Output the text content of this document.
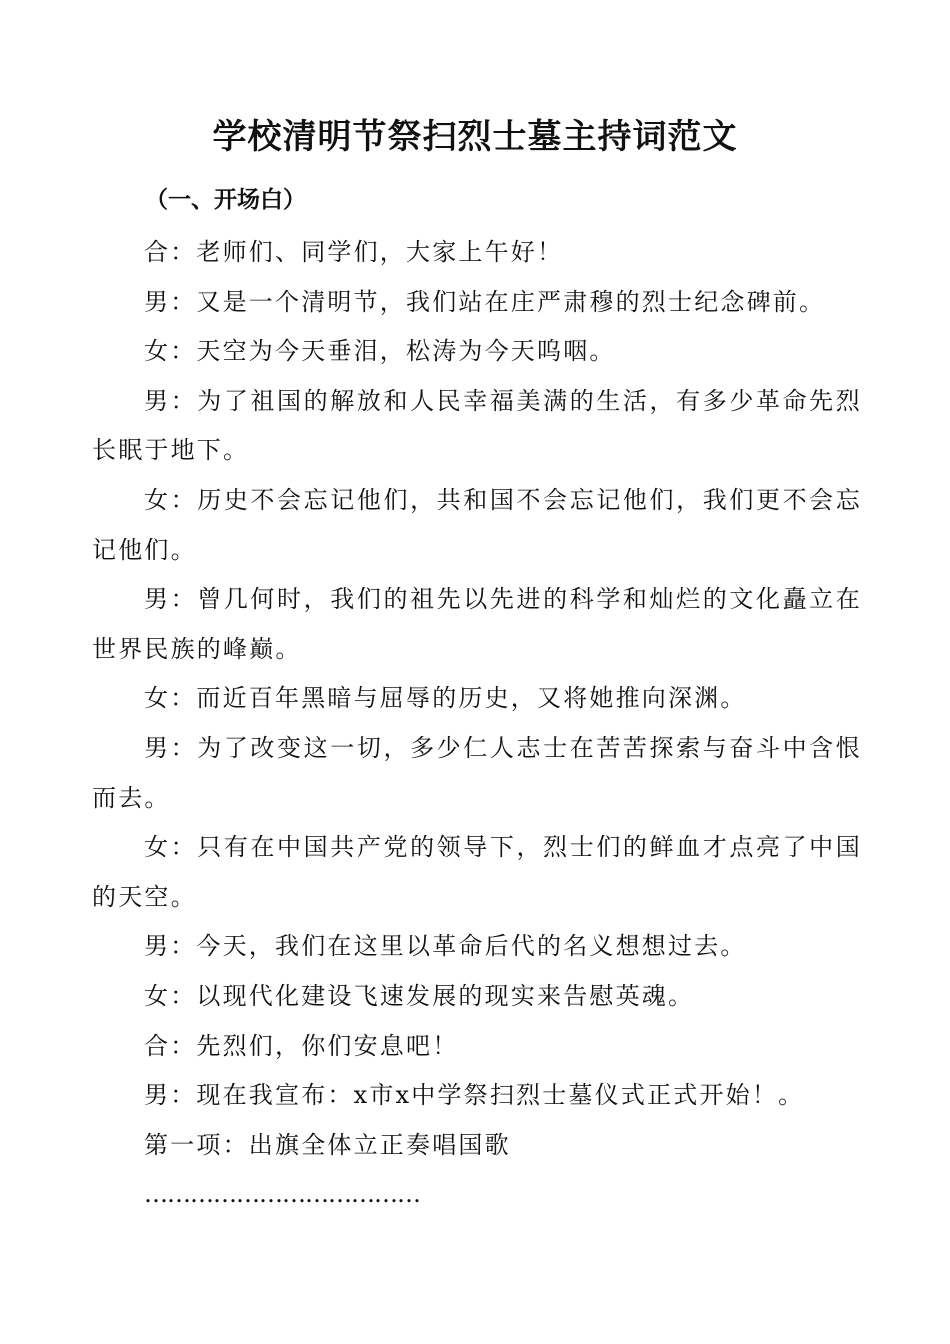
学校清明节祭扫烈士墓主持词范文
（一、开场白）

合：老师们、同学们，大家上午好！

男：又是一个清明节，我们站在庄严肃穆的烈士纪念碑前。

女：天空为今天垂泪，松涛为今天呜咽。

男：为了祖国的解放和人民幸福美满的生活，有多少革命先烈长眠于地下。

女：历史不会忘记他们，共和国不会忘记他们，我们更不会忘记他们。

男：曾几何时，我们的祖先以先进的科学和灿烂的文化矗立在世界民族的峰巅。

女：而近百年黑暗与屈辱的历史，又将她推向深渊。

男：为了改变这一切，多少仁人志士在苦苦探索与奋斗中含恨而去。

女：只有在中国共产党的领导下，烈士们的鲜血才点亮了中国的天空。

男：今天，我们在这里以革命后代的名义想想过去。

女：以现代化建设飞速发展的现实来告慰英魂。

合：先烈们，你们安息吧！

男：现在我宣布：x市x中学祭扫烈士墓仪式正式开始！。

第一项：出旗全体立正奏唱国歌

………………………………
